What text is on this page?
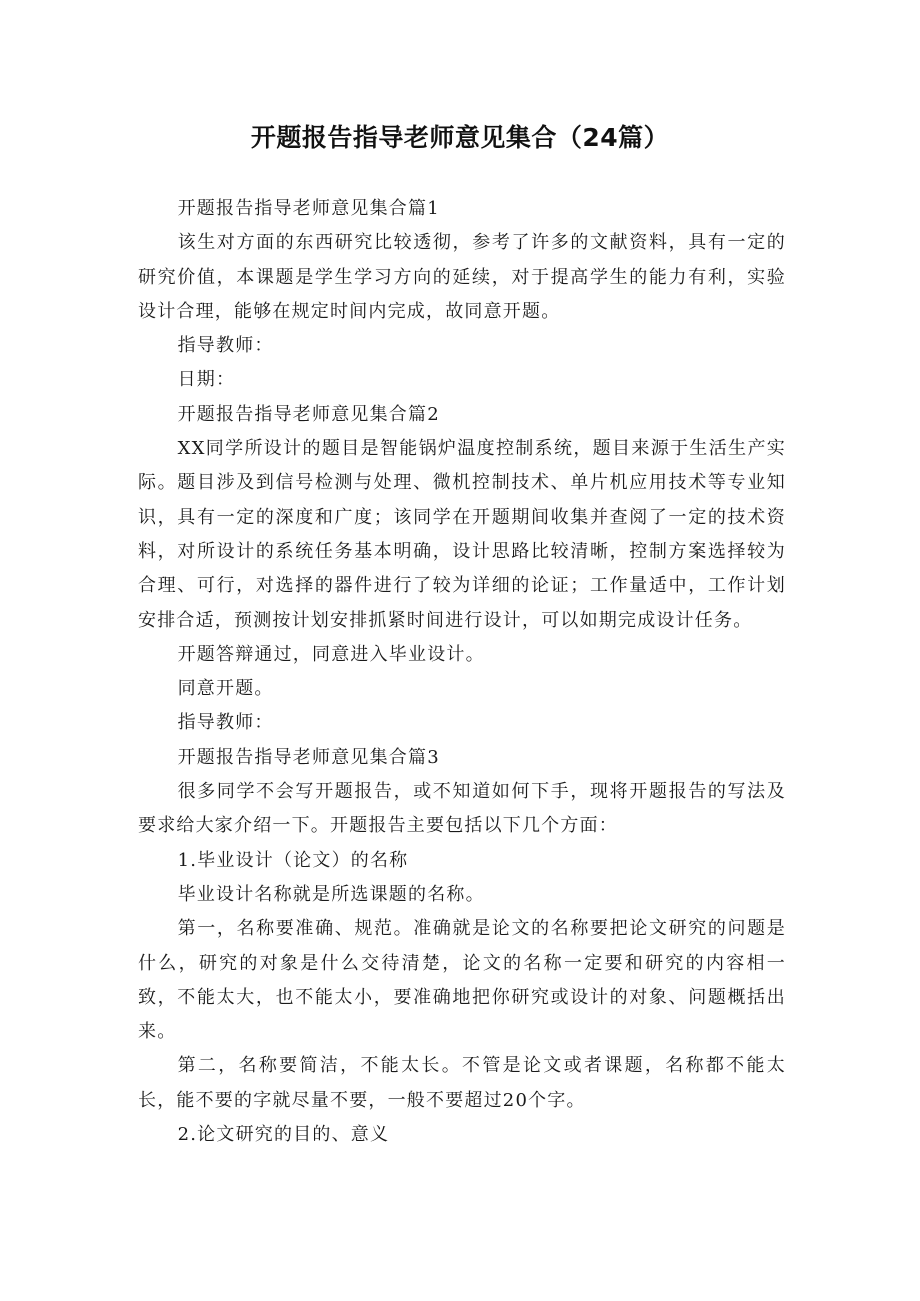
开题报告指导老师意见集合（24篇）

开题报告指导老师意见集合篇1

该生对方面的东西研究比较透彻，参考了许多的文献资料，具有一定的研究价值，本课题是学生学习方向的延续，对于提高学生的能力有利，实验设计合理，能够在规定时间内完成，故同意开题。

指导教师：

日期：

开题报告指导老师意见集合篇2

XX同学所设计的题目是智能锅炉温度控制系统，题目来源于生活生产实际。题目涉及到信号检测与处理、微机控制技术、单片机应用技术等专业知识，具有一定的深度和广度；该同学在开题期间收集并查阅了一定的技术资料，对所设计的系统任务基本明确，设计思路比较清晰，控制方案选择较为合理、可行，对选择的器件进行了较为详细的论证；工作量适中，工作计划安排合适，预测按计划安排抓紧时间进行设计，可以如期完成设计任务。

开题答辩通过，同意进入毕业设计。

同意开题。

指导教师：

开题报告指导老师意见集合篇3

很多同学不会写开题报告，或不知道如何下手，现将开题报告的写法及要求给大家介绍一下。开题报告主要包括以下几个方面：

1.毕业设计（论文）的名称

毕业设计名称就是所选课题的名称。

第一，名称要准确、规范。准确就是论文的名称要把论文研究的问题是什么，研究的对象是什么交待清楚，论文的名称一定要和研究的内容相一致，不能太大，也不能太小，要准确地把你研究或设计的对象、问题概括出来。

第二，名称要简洁，不能太长。不管是论文或者课题，名称都不能太长，能不要的字就尽量不要，一般不要超过20个字。

2.论文研究的目的、意义
